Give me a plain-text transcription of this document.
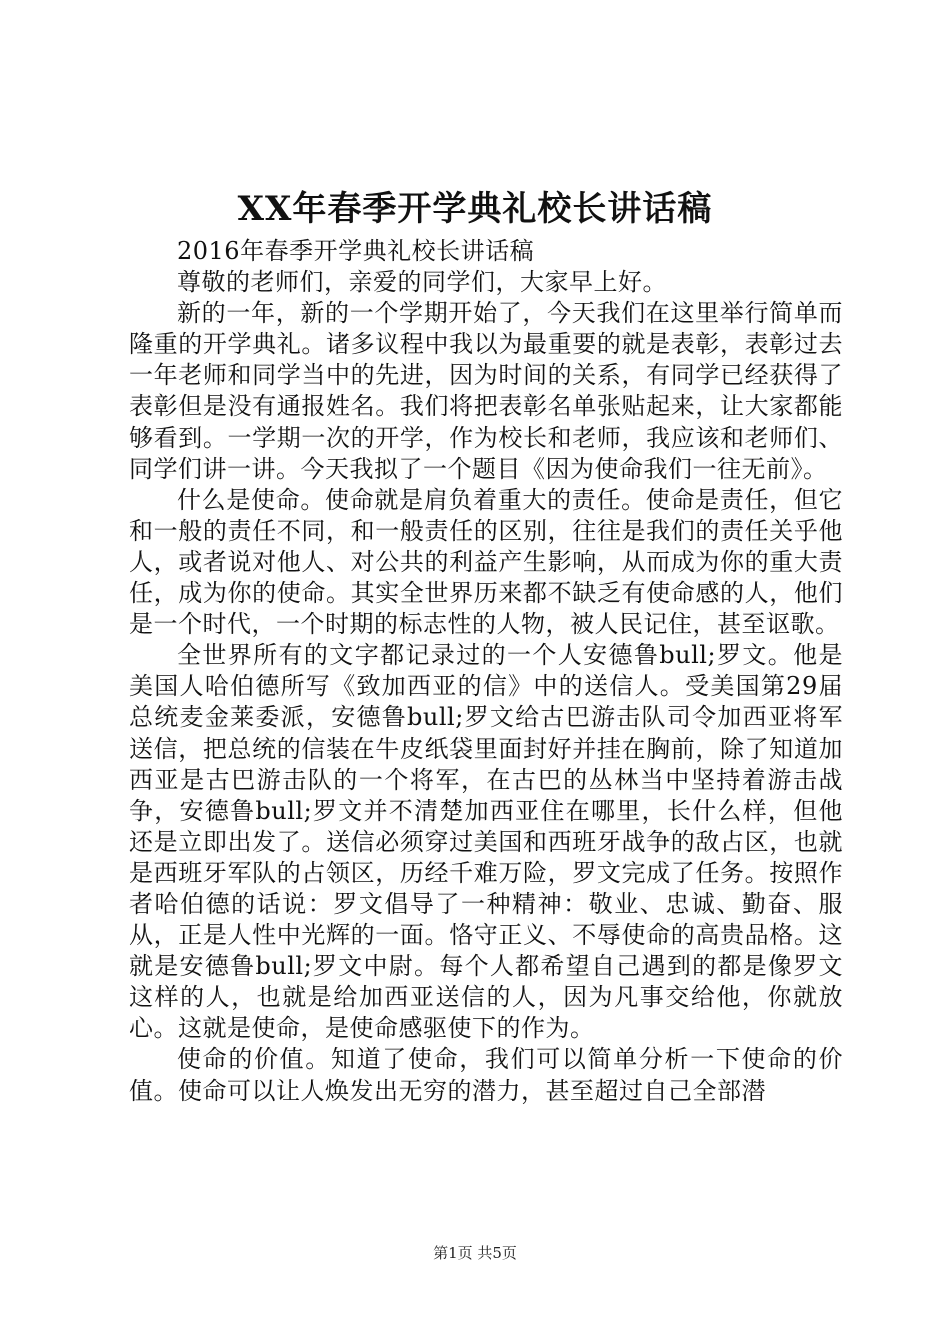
XX年春季开学典礼校长讲话稿

2016年春季开学典礼校长讲话稿

尊敬的老师们，亲爱的同学们，大家早上好。

新的一年，新的一个学期开始了，今天我们在这里举行简单而隆重的开学典礼。诸多议程中我以为最重要的就是表彰，表彰过去一年老师和同学当中的先进，因为时间的关系，有同学已经获得了表彰但是没有通报姓名。我们将把表彰名单张贴起来，让大家都能够看到。一学期一次的开学，作为校长和老师，我应该和老师们、同学们讲一讲。今天我拟了一个题目《因为使命我们一往无前》。

什么是使命。使命就是肩负着重大的责任。使命是责任，但它和一般的责任不同，和一般责任的区别，往往是我们的责任关乎他人，或者说对他人、对公共的利益产生影响，从而成为你的重大责任，成为你的使命。其实全世界历来都不缺乏有使命感的人，他们是一个时代，一个时期的标志性的人物，被人民记住，甚至讴歌。

全世界所有的文字都记录过的一个人安德鲁bull;罗文。他是美国人哈伯德所写《致加西亚的信》中的送信人。受美国第29届总统麦金莱委派，安德鲁bull;罗文给古巴游击队司令加西亚将军送信，把总统的信装在牛皮纸袋里面封好并挂在胸前，除了知道加西亚是古巴游击队的一个将军，在古巴的丛林当中坚持着游击战争，安德鲁bull;罗文并不清楚加西亚住在哪里，长什么样，但他还是立即出发了。送信必须穿过美国和西班牙战争的敌占区，也就是西班牙军队的占领区，历经千难万险，罗文完成了任务。按照作者哈伯德的话说：罗文倡导了一种精神：敬业、忠诚、勤奋、服从，正是人性中光辉的一面。恪守正义、不辱使命的高贵品格。这就是安德鲁bull;罗文中尉。每个人都希望自己遇到的都是像罗文这样的人，也就是给加西亚送信的人，因为凡事交给他，你就放心。这就是使命，是使命感驱使下的作为。

使命的价值。知道了使命，我们可以简单分析一下使命的价值。使命可以让人焕发出无穷的潜力，甚至超过自己全部潜

第1页 共5页
